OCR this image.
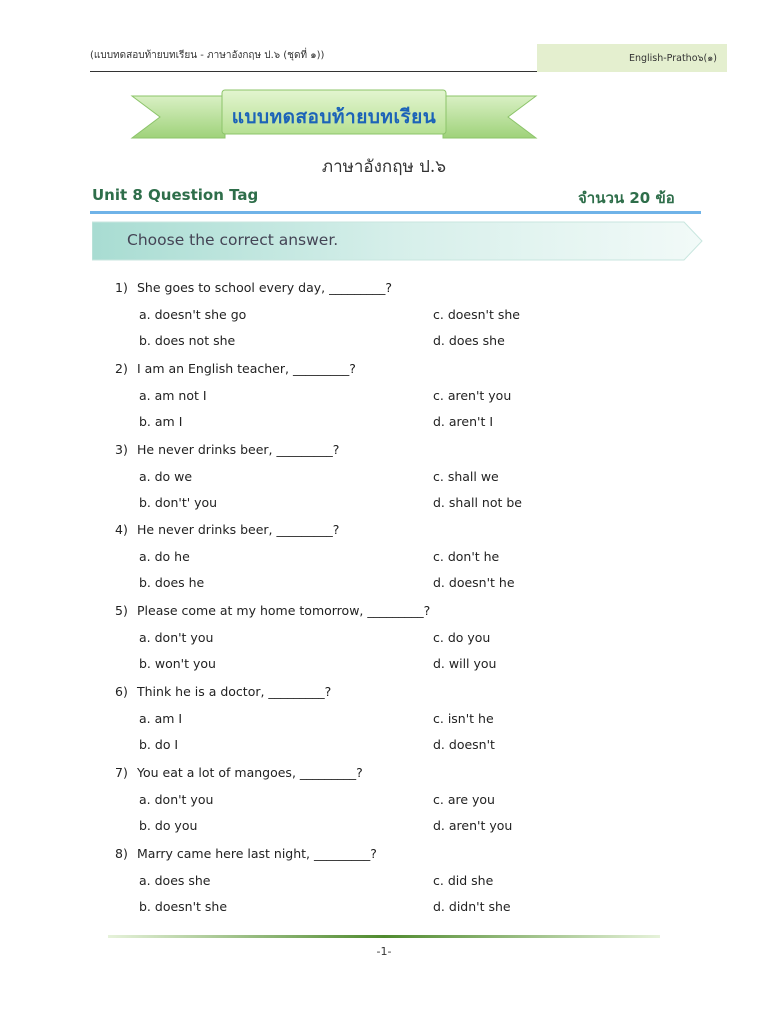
(แบบทดสอบท้ายบทเรียน - ภาษาอังกฤษ ป.๖ (ชุดที่ ๑))	English-Pratho๖(๑)
แบบทดสอบท้ายบทเรียน
ภาษาอังกฤษ ป.๖
Unit 8 Question Tag	จำนวน 20 ข้อ
Choose the correct answer.
1) She goes to school every day, _________?
a. doesn't she go
b. does not she
c. doesn't she
d. does she
2) I am an English teacher, _________?
a. am not I
b. am I
c. aren't you
d. aren't I
3) He never drinks beer, _________?
a. do we
b. don't' you
c. shall we
d. shall not be
4) He never drinks beer, _________?
a. do he
b. does he
c. don't he
d. doesn't he
5) Please come at my home tomorrow, _________?
a. don't you
b. won't you
c. do you
d. will you
6) Think he is a doctor, _________?
a. am I
b. do I
c. isn't he
d. doesn't
7) You eat a lot of mangoes, _________?
a. don't you
b. do you
c. are you
d. aren't you
8) Marry came here last night, _________?
a. does she
b. doesn't she
c. did she
d. didn't she
-1-
